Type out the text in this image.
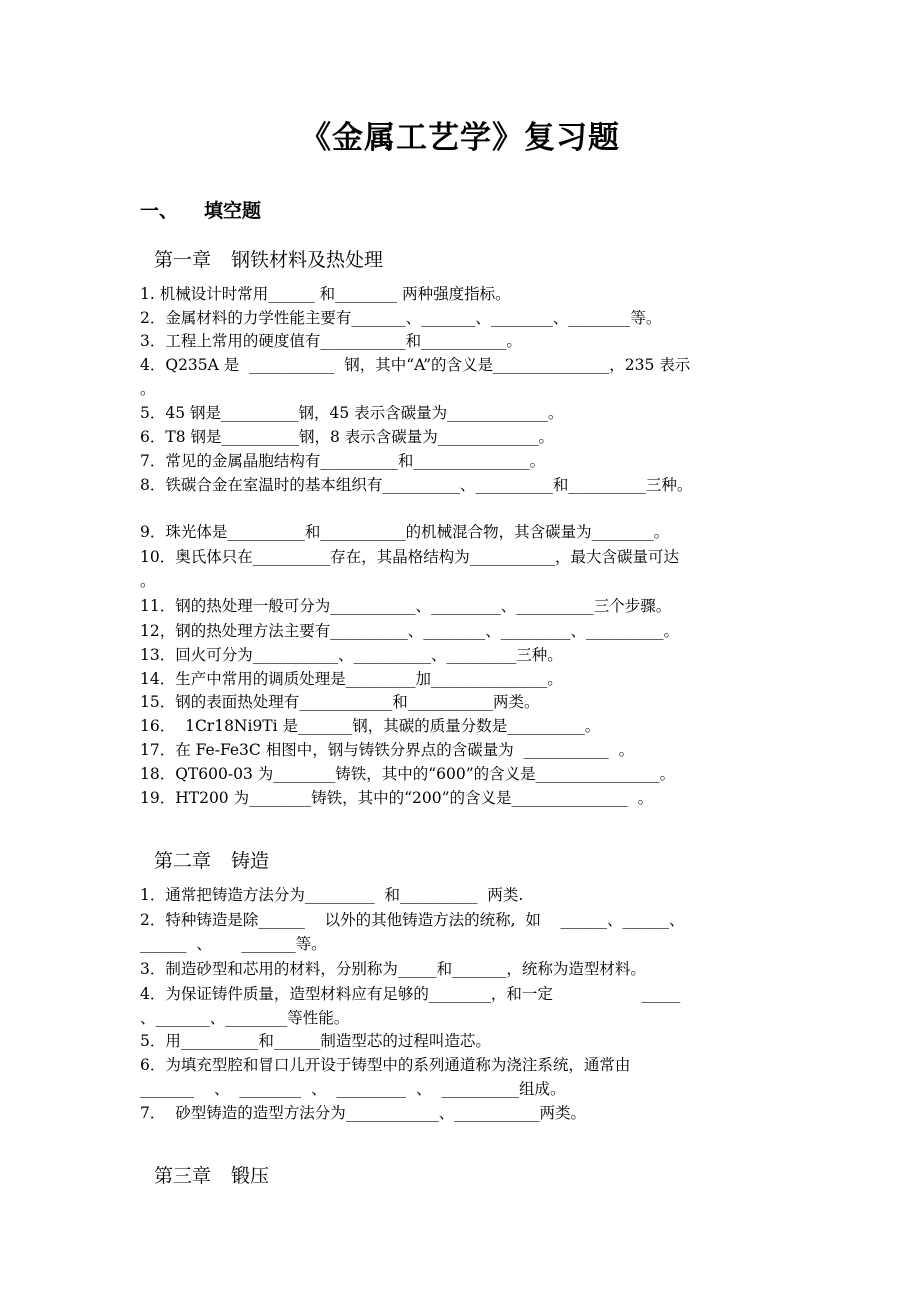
《金属工艺学》复习题
一、 填空题
第一章 钢铁材料及热处理
1. 机械设计时常用______ 和________ 两种强度指标。
2．金属材料的力学性能主要有_______、_______、________、________等。
3．工程上常用的硬度值有___________和___________。
4．Q235A 是  ___________  钢，其中“A”的含义是_______________，235 表示
。
5．45 钢是__________钢，45 表示含碳量为_____________。
6．T8 钢是__________钢，8 表示含碳量为_____________。
7．常见的金属晶胞结构有__________和_______________。
8．铁碳合金在室温时的基本组织有__________、__________和__________三种。
9．珠光体是__________和___________的机械混合物，其含碳量为________。
10．奥氏体只在__________存在，其晶格结构为___________，最大含碳量可达
。
11．钢的热处理一般可分为___________、_________、__________三个步骤。
12，钢的热处理方法主要有__________、________、_________、__________。
13．回火可分为___________、__________、_________三种。
14．生产中常用的调质处理是_________加_______________。
15．钢的表面热处理有____________和___________两类。
16．  1Cr18Ni9Ti 是_______钢，其碳的质量分数是__________。
17．在 Fe-Fe3C 相图中，钢与铸铁分界点的含碳量为  ___________  。
18．QT600-03 为________铸铁，其中的“600”的含义是________________。
19．HT200 为________铸铁，其中的“200”的含义是_______________  。
第二章 铸造
1．通常把铸造方法分为_________  和__________  两类.
2．特种铸造是除______    以外的其他铸造方法的统称,  如    ______、______、
______  、      _______等。
3．制造砂型和芯用的材料，分别称为_____和_______，统称为造型材料。
4．为保证铸件质量，造型材料应有足够的________，和一定                  _____
、_______、________等性能。
5．用__________和______制造型芯的过程叫造芯。
6．为填充型腔和冒口儿开设于铸型中的系列通道称为浇注系统，通常由
_______    、  ________  、  _________  、  __________组成。
7．  砂型铸造的造型方法分为____________、___________两类。
第三章 锻压
